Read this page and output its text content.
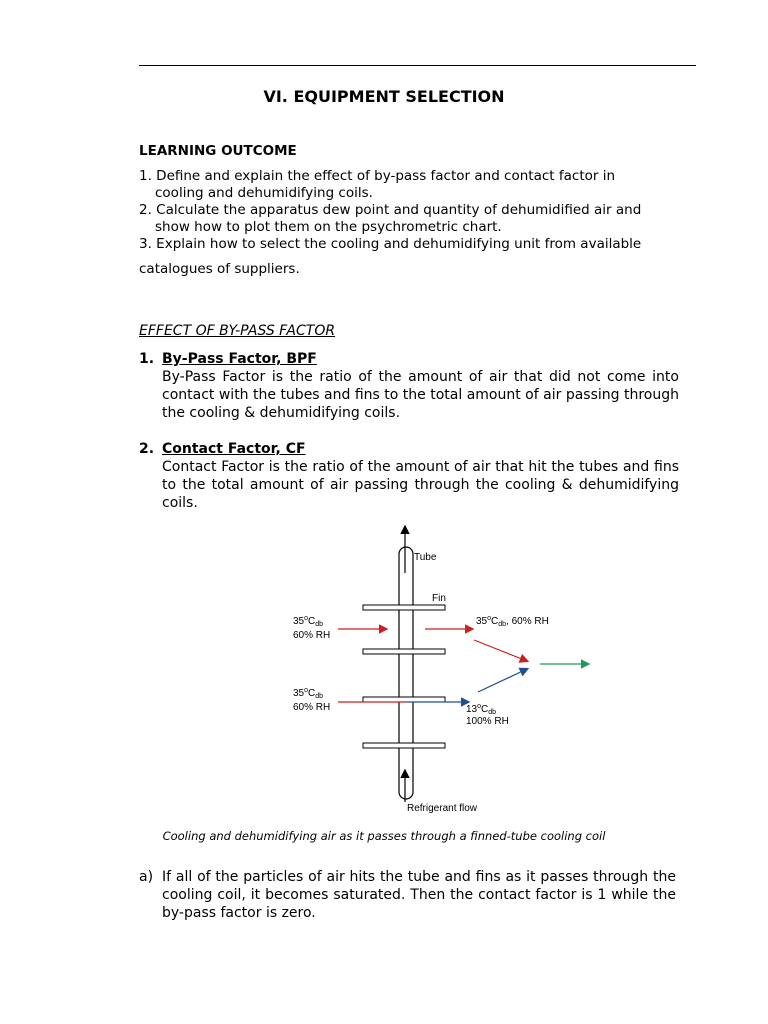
VI. EQUIPMENT SELECTION
LEARNING OUTCOME
1. Define and explain the effect of by-pass factor and contact factor in
cooling and dehumidifying coils.
2. Calculate the apparatus dew point and quantity of dehumidified air and
show how to plot them on the psychrometric chart.
3. Explain how to select the cooling and dehumidifying unit from available
catalogues of suppliers.
EFFECT OF BY-PASS FACTOR
1. By-Pass Factor, BPF
By-Pass Factor is the ratio of the amount of air that did not come into contact with the tubes and fins to the total amount of air passing through the cooling & dehumidifying coils.
2. Contact Factor, CF
Contact Factor is the ratio of the amount of air that hit the tubes and fins to the total amount of air passing through the cooling & dehumidifying coils.
Tube
Fin
$35^oC_{db}$
60% RH
$35^oC_{db}$, 60% RH
$35^oC_{db}$
60% RH	$13^oC_{db}$
100% RH
Refrigerant flow
Cooling and dehumidifying air as it passes through a finned-tube cooling coil
a) If all of the particles of air hits the tube and fins as it passes through the cooling coil, it becomes saturated. Then the contact factor is 1 while the by-pass factor is zero.
